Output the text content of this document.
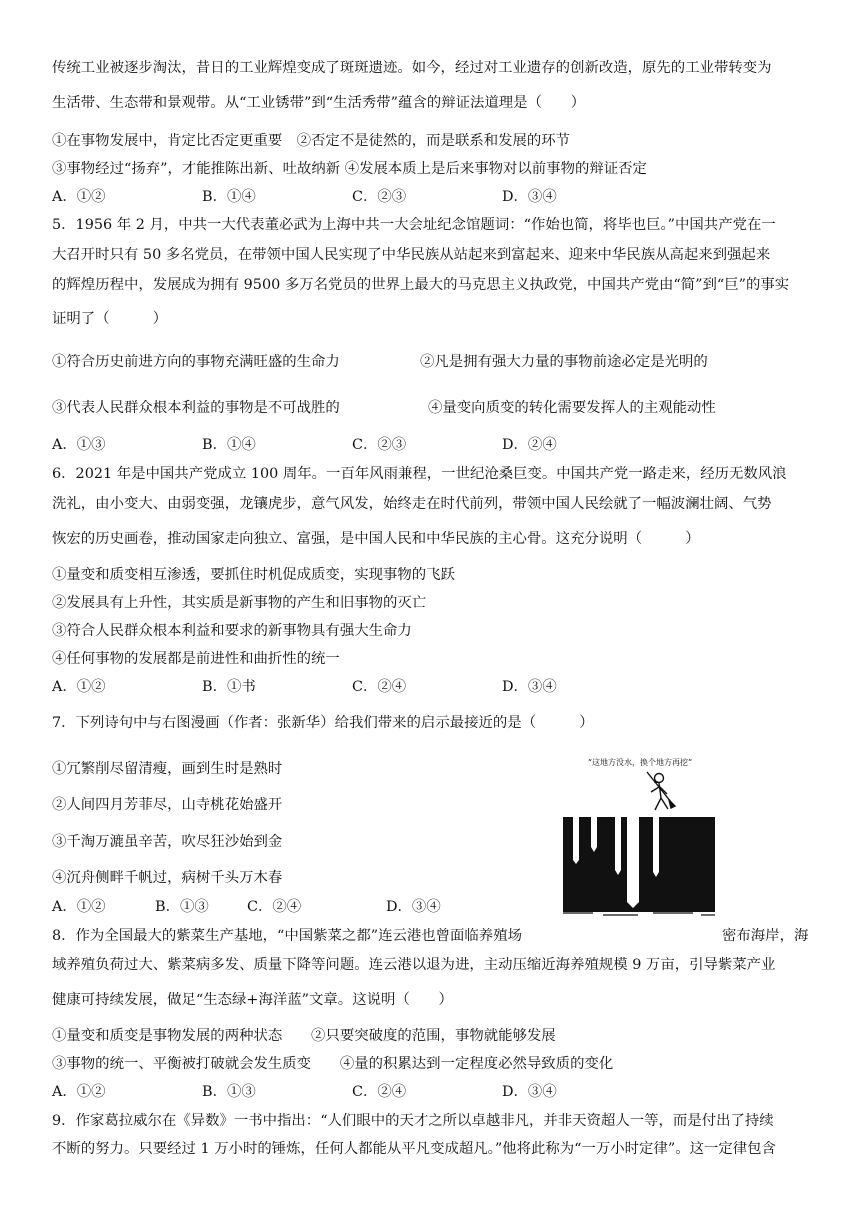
传统工业被逐步淘汰，昔日的工业辉煌变成了斑斑遗迹。如今，经过对工业遗存的创新改造，原先的工业带转变为
生活带、生态带和景观带。从“工业锈带”到“生活秀带”蕴含的辩证法道理是（　　）
①在事物发展中，肯定比否定更重要　②否定不是徒然的，而是联系和发展的环节
③事物经过“扬弃”，才能推陈出新、吐故纳新 ④发展本质上是后来事物对以前事物的辩证否定
A．①②	B．①④	C．②③	D．③④
5．1956 年 2 月，中共一大代表董必武为上海中共一大会址纪念馆题词：“作始也简，将毕也巨。”中国共产党在一
大召开时只有 50 多名党员，在带领中国人民实现了中华民族从站起来到富起来、迎来中华民族从高起来到强起来
的辉煌历程中，发展成为拥有 9500 多万名党员的世界上最大的马克思主义执政党，中国共产党由“简”到“巨”的事实
证明了（　　　）
①符合历史前进方向的事物充满旺盛的生命力	②凡是拥有强大力量的事物前途必定是光明的
③代表人民群众根本利益的事物是不可战胜的	④量变向质变的转化需要发挥人的主观能动性
A．①③	B．①④	C．②③	D．②④
6．2021 年是中国共产党成立 100 周年。一百年风雨兼程，一世纪沧桑巨变。中国共产党一路走来，经历无数风浪
洗礼，由小变大、由弱变强，龙镶虎步，意气风发，始终走在时代前列，带领中国人民绘就了一幅波澜壮阔、气势
恢宏的历史画卷，推动国家走向独立、富强，是中国人民和中华民族的主心骨。这充分说明（　　　）
①量变和质变相互渗透，要抓住时机促成质变，实现事物的飞跃
②发展具有上升性，其实质是新事物的产生和旧事物的灭亡
③符合人民群众根本利益和要求的新事物具有强大生命力
④任何事物的发展都是前进性和曲折性的统一
A．①②	B．①书	C．②④	D．③④
7．下列诗句中与右图漫画（作者：张新华）给我们带来的启示最接近的是（　　　）
①冗繁削尽留清瘦，画到生时是熟时
②人间四月芳菲尽，山寺桃花始盛开
③千淘万漉虽辛苦，吹尽狂沙始到金
④沉舟侧畔千帆过，病树千头万木春
A．①②	B．①③	C．②④	D．③④
“这地方没水，换个地方再挖”
8．作为全国最大的紫菜生产基地，“中国紫菜之都”连云港也曾面临养殖场	密布海岸，海
域养殖负荷过大、紫菜病多发、质量下降等问题。连云港以退为进，主动压缩近海养殖规模 9 万亩，引导紫菜产业
健康可持续发展，做足“生态绿+海洋蓝”文章。这说明（　　）
①量变和质变是事物发展的两种状态　　②只要突破度的范围，事物就能够发展
③事物的统一、平衡被打破就会发生质变　　④量的积累达到一定程度必然导致质的变化
A．①②	B．①③	C．②④	D．③④
9．作家葛拉威尔在《异数》一书中指出：“人们眼中的天才之所以卓越非凡，并非天资超人一等，而是付出了持续
不断的努力。只要经过 1 万小时的锤炼，任何人都能从平凡变成超凡。”他将此称为“一万小时定律”。这一定律包含
